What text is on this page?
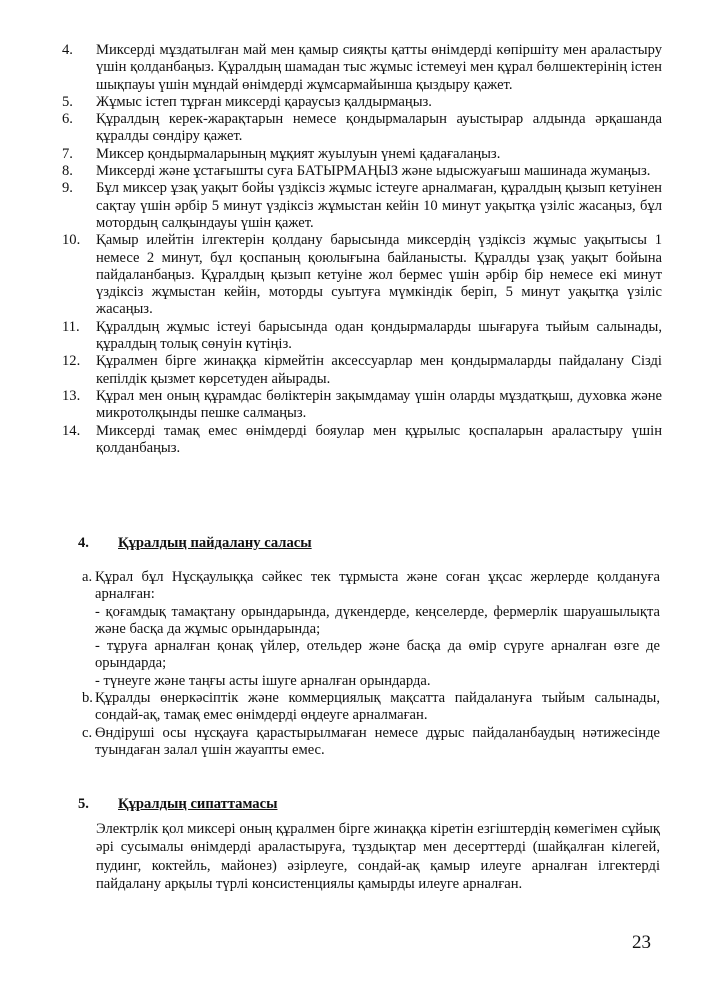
4.	Миксерді мұздатылған май мен қамыр сияқты қатты өнімдерді көпіршіту мен араластыру үшін қолданбаңыз. Құралдың шамадан тыс жұмыс істемеуі мен құрал бөлшектерінің істен шықпауы үшін мұндай өнімдерді жұмсармайынша қыздыру қажет.

5.	Жұмыс істеп тұрған миксерді қараусыз қалдырмаңыз.

6.	Құралдың керек-жарақтарын немесе қондырмаларын ауыстырар алдында әрқашанда құралды сөндіру қажет.

7.	Миксер қондырмаларының мұқият жуылуын үнемі қадағалаңыз.

8.	Миксерді және ұстағышты суға БАТЫРМАҢЫЗ және ыдысжуағыш машинада жумаңыз.

9.	Бұл миксер ұзақ уақыт бойы үздіксіз жұмыс істеуге арналмаған, құралдың қызып кетуінен сақтау үшін әрбір 5 минут үздіксіз жұмыстан кейін 10 минут уақытқа үзіліс жасаңыз, бұл мотордың салқындауы үшін қажет.

10.	Қамыр илейтін ілгектерін қолдану барысында миксердің үздіксіз жұмыс уақытысы 1 немесе 2 минут, бұл қоспаның қоюлығына байланысты. Құралды ұзақ уақыт бойына пайдаланбаңыз. Құралдың қызып кетуіне жол бермес үшін әрбір бір немесе екі минут үздіксіз жұмыстан кейін, моторды суытуға мүмкіндік беріп, 5 минут уақытқа үзіліс жасаңыз.

11.	Құралдың жұмыс істеуі барысында одан қондырмаларды шығаруға тыйым салынады, құралдың толық сөнуін күтіңіз.

12.	Құралмен бірге жинаққа кірмейтін аксессуарлар мен қондырмаларды пайдалану Сізді кепілдік қызмет көрсетуден айырады.

13.	Құрал мен оның құрамдас бөліктерін зақымдамау үшін оларды мұздатқыш, духовка және микротолқынды пешке салмаңыз.

14.	Миксерді тамақ емес өнімдерді бояулар мен құрылыс қоспаларын араластыру үшін қолданбаңыз.

4.	Құралдың пайдалану саласы
a. Құрал бұл Нұсқаулыққа сәйкес тек тұрмыста және соған ұқсас жерлерде қолдануға арналған:

- қоғамдық тамақтану орындарында, дүкендерде, кеңселерде, фермерлік шаруашылықта және басқа да жұмыс орындарында;

- тұруға арналған қонақ үйлер, отельдер және басқа да өмір сүруге арналған өзге де орындарда;

- түнеуге және таңғы асты ішуге арналған орындарда.

b. Құралды өнеркәсіптік және коммерциялық мақсатта пайдалануға тыйым салынады, сондай-ақ, тамақ емес өнімдерді өңдеуге арналмаған.

c. Өндіруші осы нұсқауға қарастырылмаған немесе дұрыс пайдаланбаудың нәтижесінде туындаған залал үшін жауапты емес.

5.	Құралдың сипаттамасы

Электрлік қол миксері оның құралмен бірге жинаққа кіретін езгіштердің көмегімен сұйық әрі сусымалы өнімдерді араластыруға, тұздықтар мен десерттерді (шайқалған кілегей, пудинг, коктейль, майонез) әзірлеуге, сондай-ақ қамыр илеуге арналған ілгектерді пайдалану арқылы түрлі консистенциялы қамырды илеуге арналған.

23
